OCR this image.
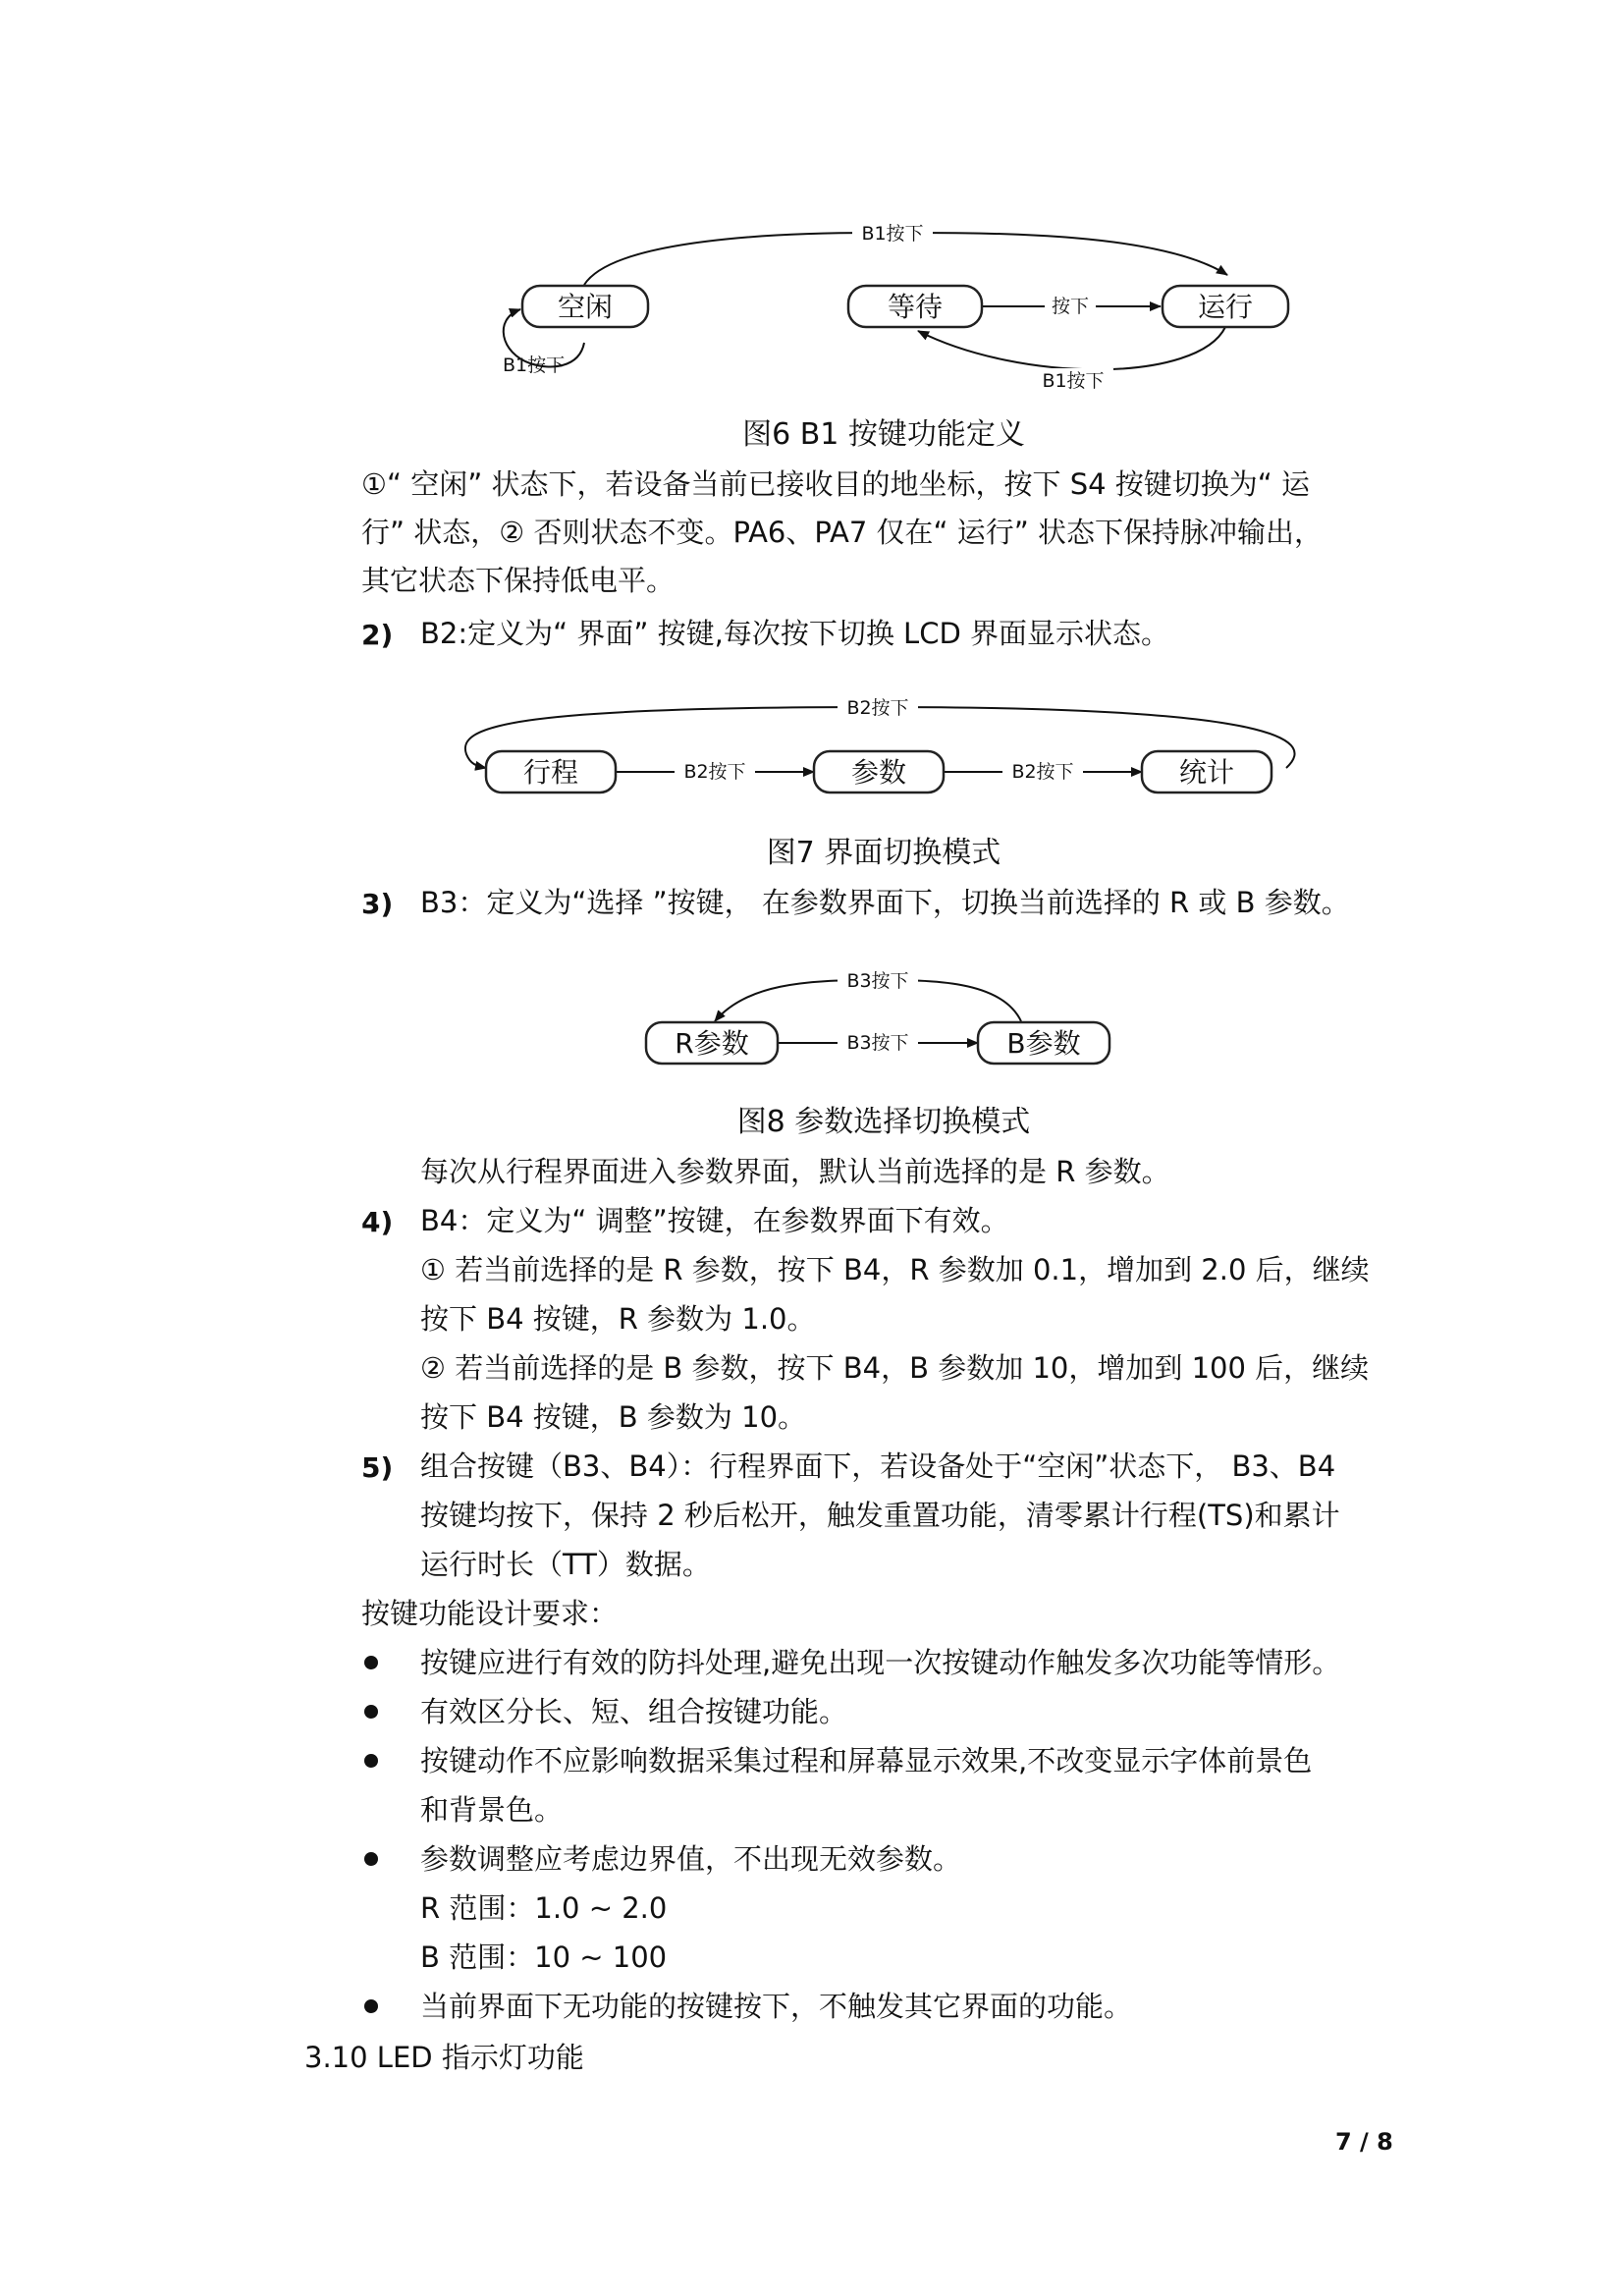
B1按下
B1按下
按下
B1按下
空闲	等待	运行
图6 B1 按键功能定义
①“ 空闲” 状态下，若设备当前已接收目的地坐标，按下 S4 按键切换为“ 运
行” 状态，② 否则状态不变。PA6、PA7 仅在“ 运行” 状态下保持脉冲输出，
其它状态下保持低电平。
2) B2:定义为“ 界面” 按键,每次按下切换 LCD 界面显示状态。
B2按下
B2按下	B2按下
行程	参数	统计
图7 界面切换模式
3) B3：定义为“选择 ”按键， 在参数界面下，切换当前选择的 R 或 B 参数。
B3按下
B3按下
R参数	B参数
图8 参数选择切换模式
每次从行程界面进入参数界面，默认当前选择的是 R 参数。
4) B4：定义为“ 调整”按键，在参数界面下有效。
① 若当前选择的是 R 参数，按下 B4，R 参数加 0.1，增加到 2.0 后，继续
按下 B4 按键，R 参数为 1.0。
② 若当前选择的是 B 参数，按下 B4，B 参数加 10，增加到 100 后，继续
按下 B4 按键，B 参数为 10。
5) 组合按键（B3、B4）：行程界面下，若设备处于“空闲”状态下， B3、B4
按键均按下，保持 2 秒后松开，触发重置功能，清零累计行程(TS)和累计
运行时长（TT）数据。
按键功能设计要求：
按键应进行有效的防抖处理,避免出现一次按键动作触发多次功能等情形。
有效区分长、短、组合按键功能。
按键动作不应影响数据采集过程和屏幕显示效果,不改变显示字体前景色
和背景色。
参数调整应考虑边界值，不出现无效参数。
R 范围：1.0 ~ 2.0
B 范围：10 ~ 100
当前界面下无功能的按键按下，不触发其它界面的功能。
3.10 LED 指示灯功能
7 / 8
